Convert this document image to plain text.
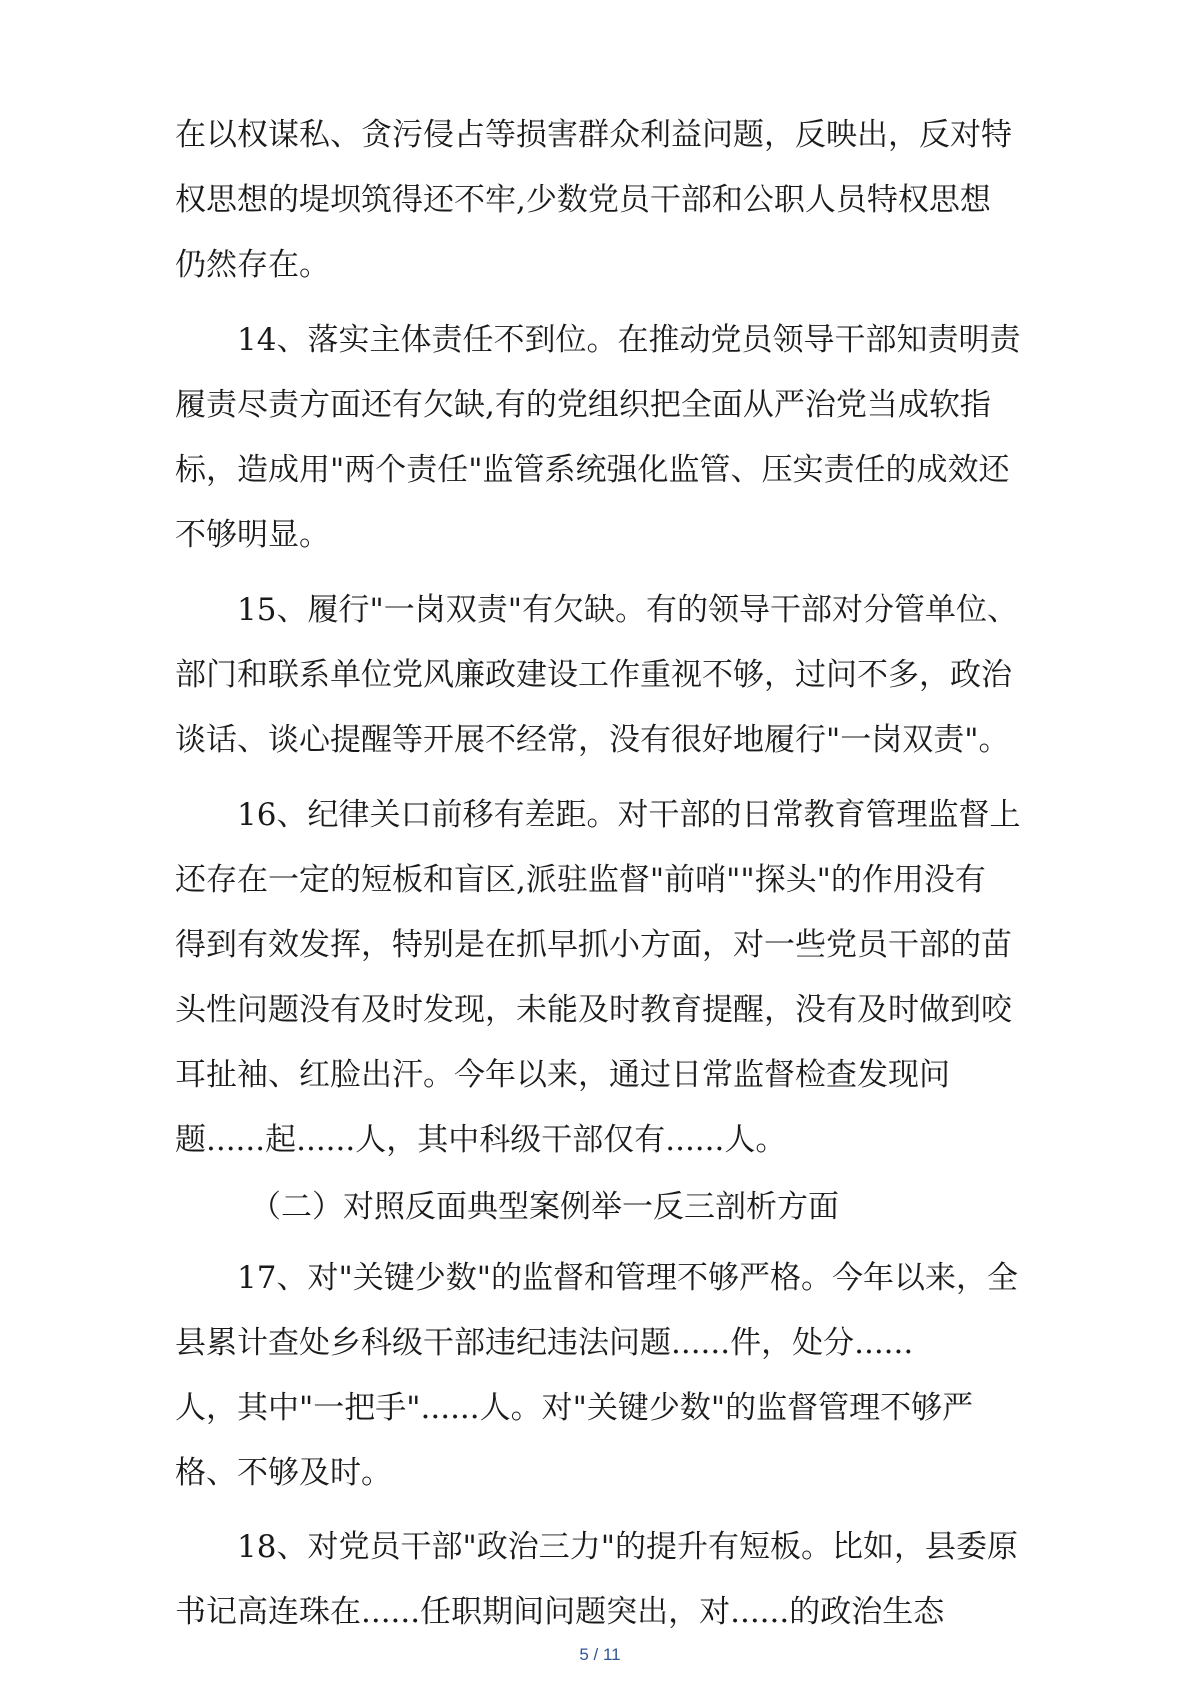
在以权谋私、贪污侵占等损害群众利益问题，反映出，反对特

权思想的堤坝筑得还不牢,少数党员干部和公职人员特权思想

仍然存在。

14、落实主体责任不到位。在推动党员领导干部知责明责

履责尽责方面还有欠缺,有的党组织把全面从严治党当成软指

标，造成用"两个责任"监管系统强化监管、压实责任的成效还

不够明显。

15、履行"一岗双责"有欠缺。有的领导干部对分管单位、

部门和联系单位党风廉政建设工作重视不够，过问不多，政治

谈话、谈心提醒等开展不经常，没有很好地履行"一岗双责"。

16、纪律关口前移有差距。对干部的日常教育管理监督上

还存在一定的短板和盲区,派驻监督"前哨""探头"的作用没有

得到有效发挥，特别是在抓早抓小方面，对一些党员干部的苗

头性问题没有及时发现，未能及时教育提醒，没有及时做到咬

耳扯袖、红脸出汗。今年以来，通过日常监督检查发现问

题......起......人，其中科级干部仅有......人。

（二）对照反面典型案例举一反三剖析方面

17、对"关键少数"的监督和管理不够严格。今年以来，全

县累计查处乡科级干部违纪违法问题......件，处分......

人，其中"一把手"......人。对"关键少数"的监督管理不够严

格、不够及时。

18、对党员干部"政治三力"的提升有短板。比如，县委原

书记高连珠在......任职期间问题突出，对......的政治生态

5 / 11
